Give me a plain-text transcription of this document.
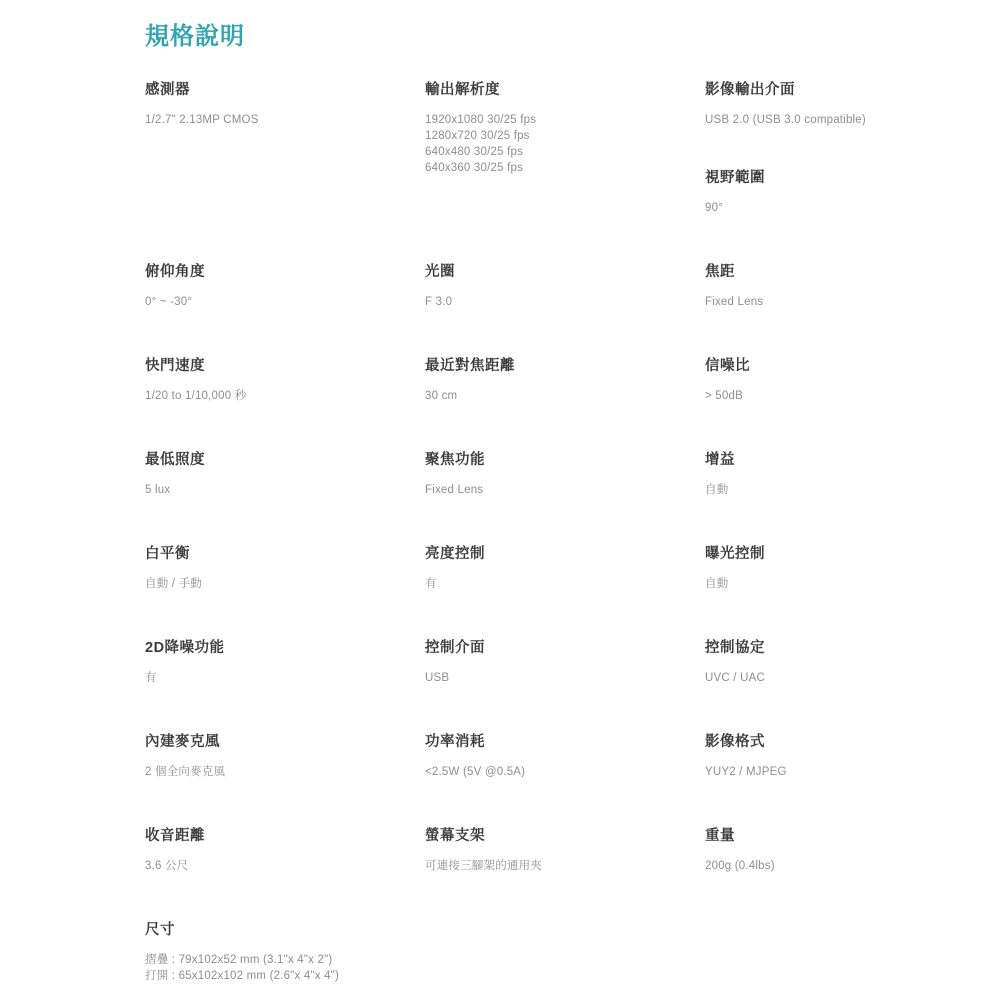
規格說明
感測器

1/2.7" 2.13MP CMOS

輸出解析度

1920x1080 30/25 fps

1280x720 30/25 fps

640x480 30/25 fps

640x360 30/25 fps

影像輸出介面

USB 2.0 (USB 3.0 compatible)

視野範圍

90°

俯仰角度

0° ~ -30°

光圈

F 3.0

焦距

Fixed Lens

快門速度

1/20 to 1/10,000 秒

最近對焦距離

30 cm

信噪比

> 50dB

最低照度

5 lux

聚焦功能

Fixed Lens

增益

自動

白平衡

自動 / 手動

亮度控制

有

曝光控制

自動

2D降噪功能

有

控制介面

USB

控制協定

UVC / UAC

內建麥克風

2 個全向麥克風

功率消耗

<2.5W (5V @0.5A)

影像格式

YUY2 / MJPEG

收音距離

3.6 公尺

螢幕支架

可連接三腳架的通用夾

重量

200g (0.4lbs)

尺寸

摺疊 : 79x102x52 mm (3.1"x 4"x 2")

打開 : 65x102x102 mm (2.6"x 4"x 4")
